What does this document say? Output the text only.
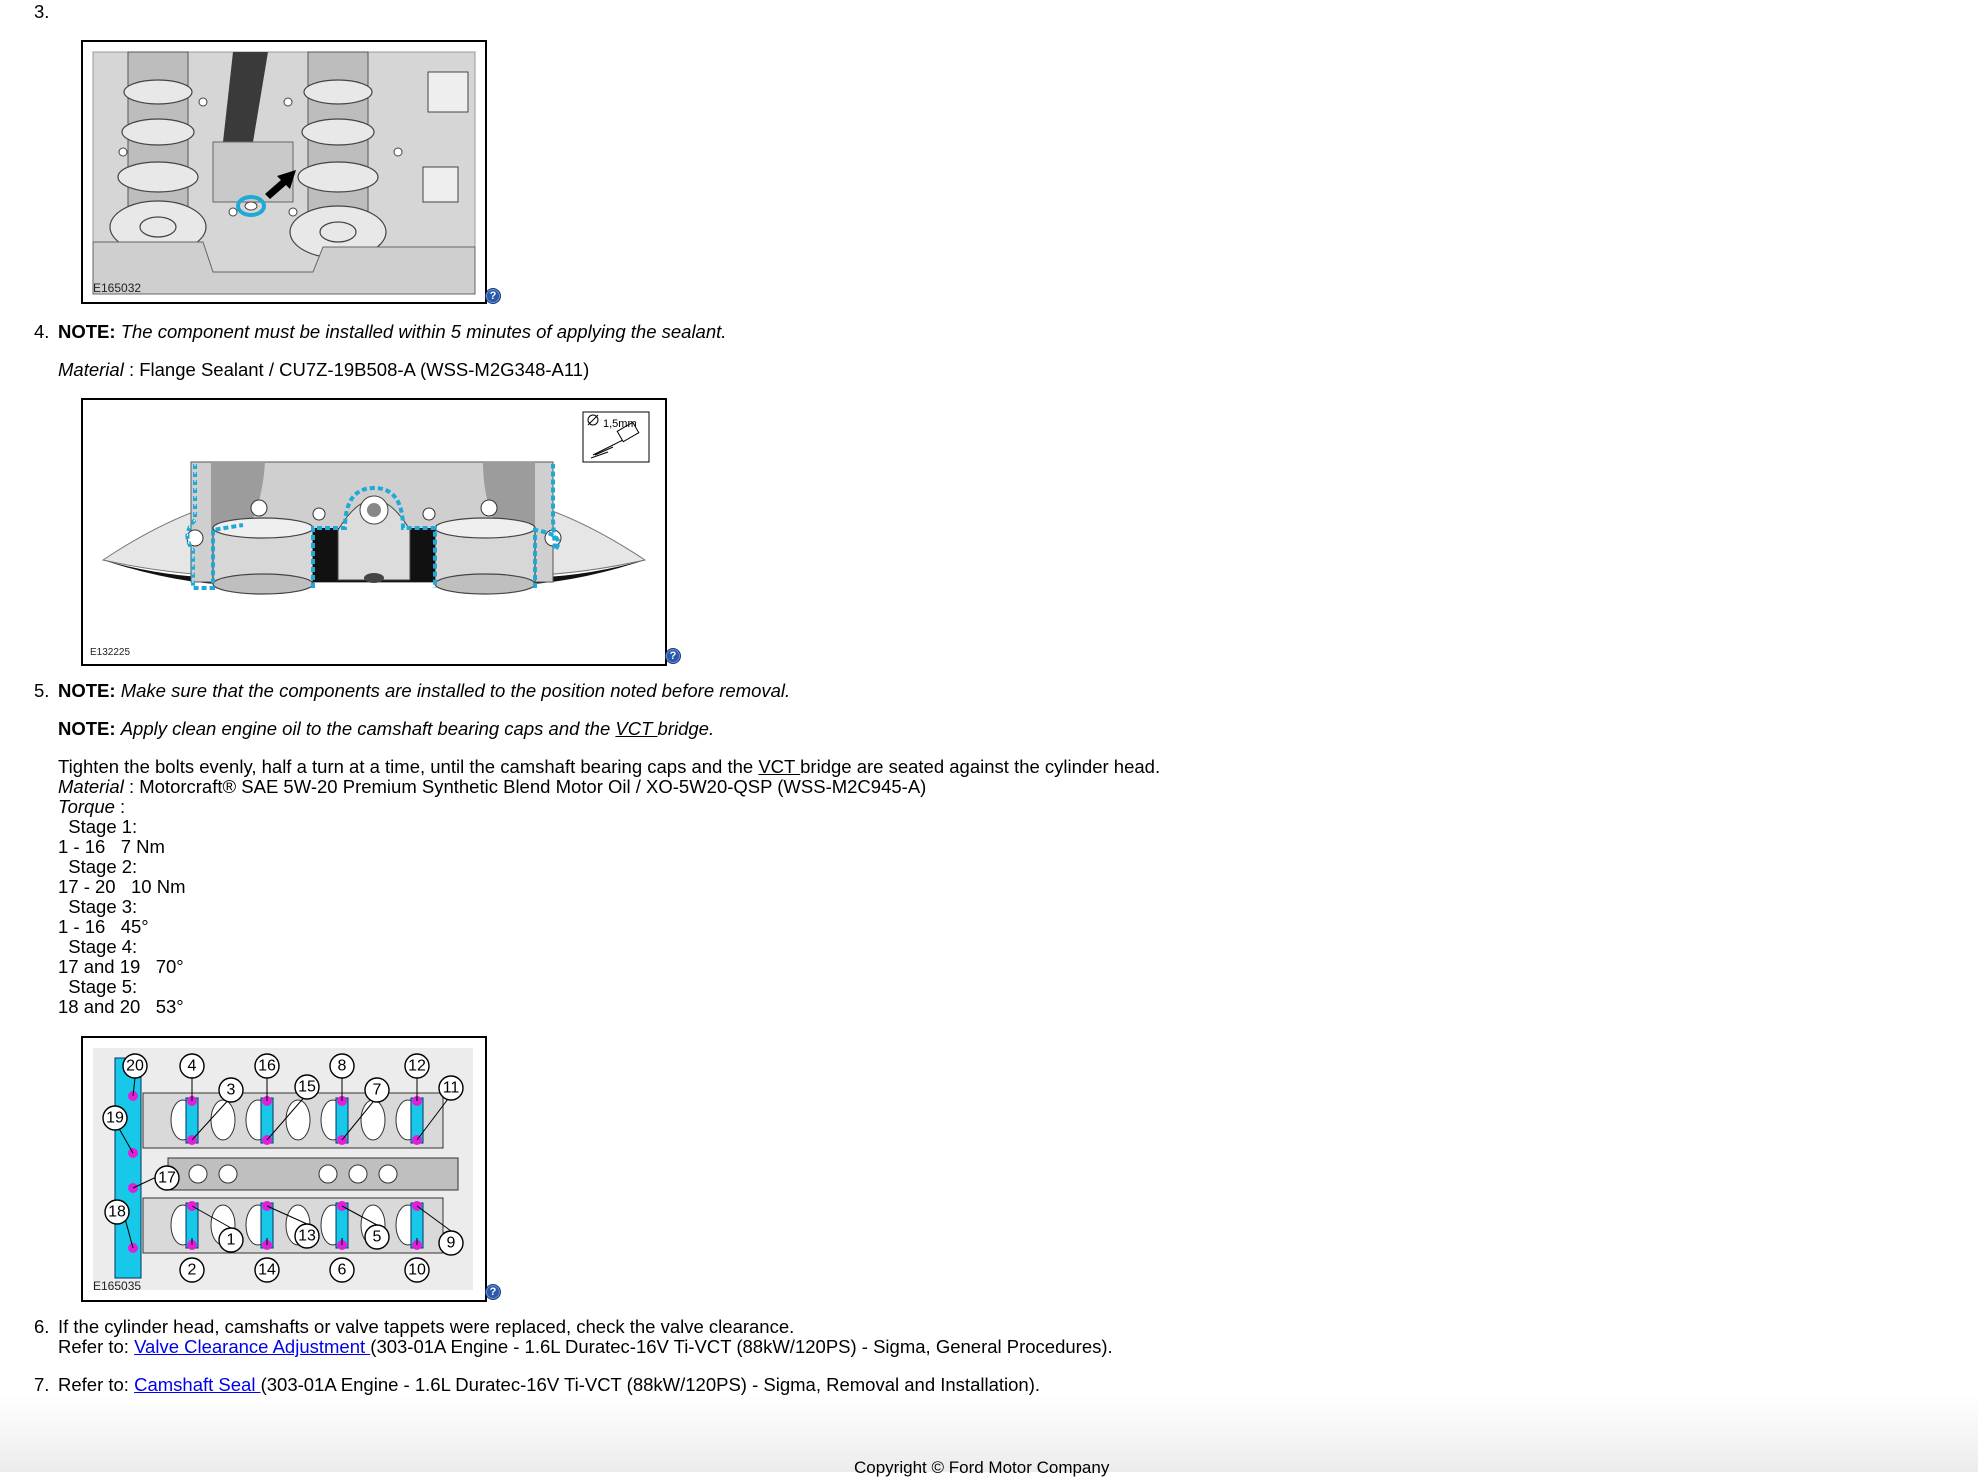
3.
E165032
?
4. NOTE: The component must be installed within 5 minutes of applying the sealant.
Material : Flange Sealant / CU7Z-19B508-A (WSS-M2G348-A11)
E132225
1,5mm
?
5. NOTE: Make sure that the components are installed to the position noted before removal.
NOTE: Apply clean engine oil to the camshaft bearing caps and the VCT bridge.
Tighten the bolts evenly, half a turn at a time, until the camshaft bearing caps and the VCT bridge are seated against the cylinder head.
Material : Motorcraft® SAE 5W-20 Premium Synthetic Blend Motor Oil / XO-5W20-QSP (WSS-M2C945-A)
Torque :
Stage 1:
1 - 16   7 Nm
Stage 2:
17 - 20   10 Nm
Stage 3:
1 - 16   45°
Stage 4:
17 and 19   70°
Stage 5:
18 and 20   53°
20	4	16	8	12
3	15	7	11
19
17
18
1	13	5	9
2	14	6	10
E165035	?
6. If the cylinder head, camshafts or valve tappets were replaced, check the valve clearance.
Refer to: Valve Clearance Adjustment (303-01A Engine - 1.6L Duratec-16V Ti-VCT (88kW/120PS) - Sigma, General Procedures).
7. Refer to: Camshaft Seal (303-01A Engine - 1.6L Duratec-16V Ti-VCT (88kW/120PS) - Sigma, Removal and Installation).
Copyright © Ford Motor Company
